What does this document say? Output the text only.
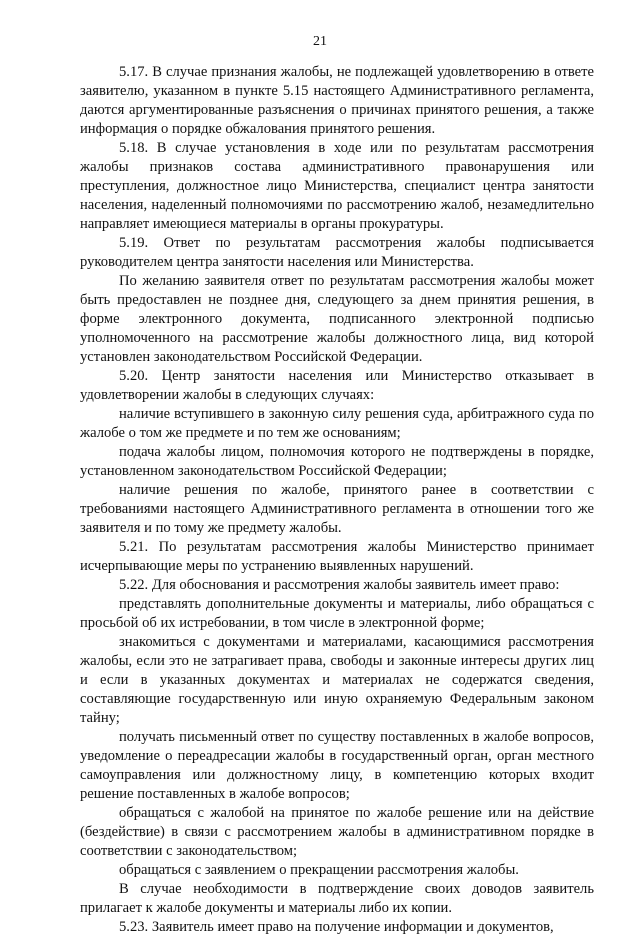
21

5.17. В случае признания жалобы, не подлежащей удовлетворению в ответе заявителю, указанном в пункте 5.15 настоящего Административного регламента, даются аргументированные разъяснения о причинах принятого решения, а также информация о порядке обжалования принятого решения.

5.18. В случае установления в ходе или по результатам рассмотрения жалобы признаков состава административного правонарушения или преступления, должностное лицо Министерства, специалист центра занятости населения, наделенный полномочиями по рассмотрению жалоб, незамедлительно направляет имеющиеся материалы в органы прокуратуры.

5.19. Ответ по результатам рассмотрения жалобы подписывается руководителем центра занятости населения или Министерства.

По желанию заявителя ответ по результатам рассмотрения жалобы может быть предоставлен не позднее дня, следующего за днем принятия решения, в форме электронного документа, подписанного электронной подписью уполномоченного на рассмотрение жалобы должностного лица, вид которой установлен законодательством Российской Федерации.

5.20. Центр занятости населения или Министерство отказывает в удовлетворении жалобы в следующих случаях:

наличие вступившего в законную силу решения суда, арбитражного суда по жалобе о том же предмете и по тем же основаниям;

подача жалобы лицом, полномочия которого не подтверждены в порядке, установленном законодательством Российской Федерации;

наличие решения по жалобе, принятого ранее в соответствии с требованиями настоящего Административного регламента в отношении того же заявителя и по тому же предмету жалобы.

5.21. По результатам рассмотрения жалобы Министерство принимает исчерпывающие меры по устранению выявленных нарушений.

5.22. Для обоснования и рассмотрения жалобы заявитель имеет право:

представлять дополнительные документы и материалы, либо обращаться с просьбой об их истребовании, в том числе в электронной форме;

знакомиться с документами и материалами, касающимися рассмотрения жалобы, если это не затрагивает права, свободы и законные интересы других лиц и если в указанных документах и материалах не содержатся сведения, составляющие государственную или иную охраняемую Федеральным законом тайну;

получать письменный ответ по существу поставленных в жалобе вопросов, уведомление о переадресации жалобы в государственный орган, орган местного самоуправления или должностному лицу, в компетенцию которых входит решение поставленных в жалобе вопросов;

обращаться с жалобой на принятое по жалобе решение или на действие (бездействие) в связи с рассмотрением жалобы в административном порядке в соответствии с законодательством;

обращаться с заявлением о прекращении рассмотрения жалобы.

В случае необходимости в подтверждение своих доводов заявитель прилагает к жалобе документы и материалы либо их копии.

5.23. Заявитель имеет право на получение информации и документов,
